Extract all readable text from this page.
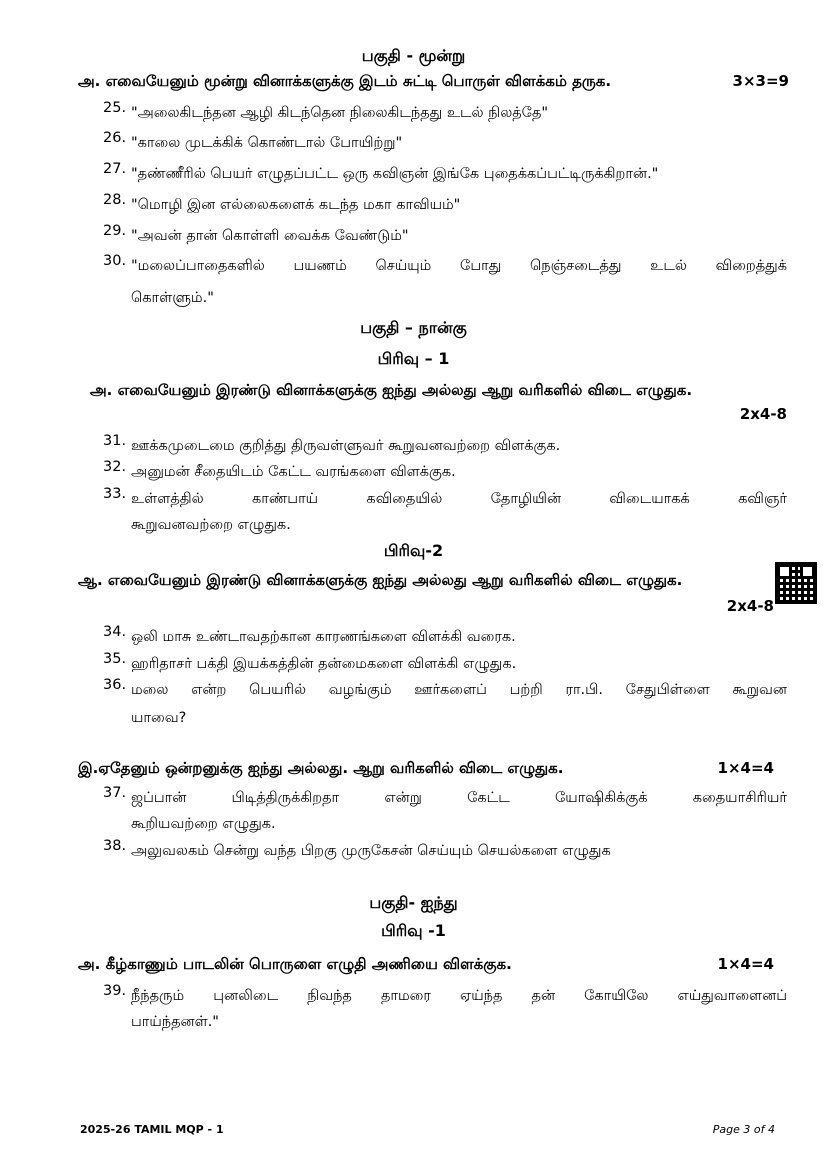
பகுதி - மூன்று
அ. எவையேனும் மூன்று வினாக்களுக்கு இடம் சுட்டி பொருள் விளக்கம் தருக.	3×3=9
25. "அலைகிடந்தன ஆழி கிடந்தென நிலைகிடந்தது உடல் நிலத்தே"
26. "காலை முடக்கிக் கொண்டால் போயிற்று"
27. "தண்ணீரில் பெயர் எழுதப்பட்ட ஒரு கவிஞன் இங்கே புதைக்கப்பட்டிருக்கிறான்."
28. "மொழி இன எல்லைகளைக் கடந்த மகா காவியம்"
29. "அவன் தான் கொள்ளி வைக்க வேண்டும்"
30. "மலைப்பாதைகளில் பயணம் செய்யும் போது நெஞ்சடைத்து உடல் விறைத்துக்
கொள்ளும்."
பகுதி – நான்கு
பிரிவு – 1
அ. எவையேனும் இரண்டு வினாக்களுக்கு ஐந்து அல்லது ஆறு வரிகளில் விடை எழுதுக.
2x4-8
31. ஊக்கமுடைமை குறித்து திருவள்ளுவர் கூறுவனவற்றை விளக்குக.
32. அனுமன் சீதையிடம் கேட்ட வரங்களை விளக்குக.
33. உள்ளத்தில் காண்பாய் கவிதையில் தோழியின் விடையாகக் கவிஞர்
கூறுவனவற்றை எழுதுக.
பிரிவு-2
ஆ. எவையேனும் இரண்டு வினாக்களுக்கு ஐந்து அல்லது ஆறு வரிகளில் விடை எழுதுக.
2x4-8
34. ஒலி மாசு உண்டாவதற்கான காரணங்களை விளக்கி வரைக.
35. ஹரிதாசர் பக்தி இயக்கத்தின் தன்மைகளை விளக்கி எழுதுக.
36. மலை என்ற பெயரில் வழங்கும் ஊர்களைப் பற்றி ரா.பி. சேதுபிள்ளை கூறுவன
யாவை?
இ.ஏதேனும் ஒன்றனுக்கு ஐந்து அல்லது. ஆறு வரிகளில் விடை எழுதுக.	1×4=4
37. ஜப்பான் பிடித்திருக்கிறதா என்று கேட்ட யோஷிகிக்குக் கதையாசிரியர்
கூறியவற்றை எழுதுக.
38. அலுவலகம் சென்று வந்த பிறகு முருகேசன் செய்யும் செயல்களை எழுதுக
பகுதி- ஐந்து
பிரிவு -1
அ. கீழ்காணும் பாடலின் பொருளை எழுதி அணியை விளக்குக.	1×4=4
39. நீந்தரும் புனலிடை நிவந்த தாமரை ஏய்ந்த தன் கோயிலே எய்துவாளைனப்
பாய்ந்தனள்."
2025-26 TAMIL MQP - 1	Page 3 of 4
